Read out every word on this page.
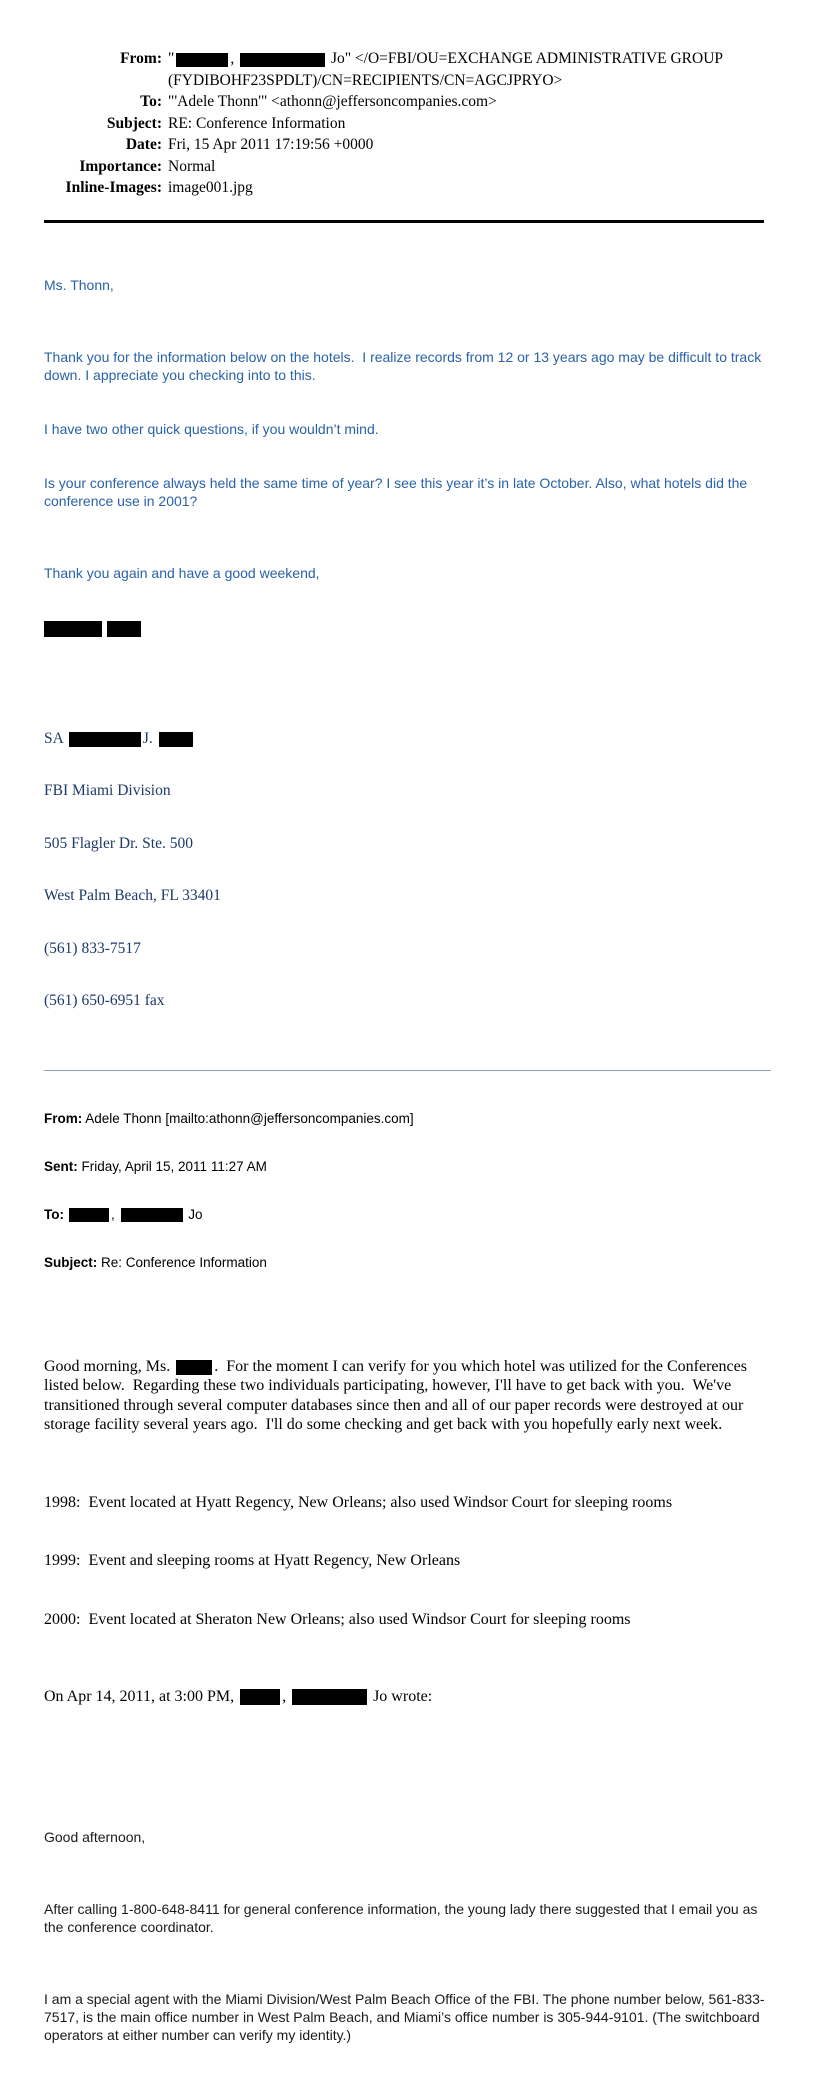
From: "	,	Jo" </O=FBI/OU=EXCHANGE ADMINISTRATIVE GROUP
(FYDIBOHF23SPDLT)/CN=RECIPIENTS/CN=AGCJPRYO>
To: "'Adele Thonn'" <athonn@jeffersoncompanies.com>
Subject: RE: Conference Information
Date: Fri, 15 Apr 2011 17:19:56 +0000
Importance: Normal
Inline-Images: image001.jpg

Ms. Thonn,

Thank you for the information below on the hotels.  I realize records from 12 or 13 years ago may be difficult to track down. I appreciate you checking into to this.

I have two other quick questions, if you wouldn’t mind.

Is your conference always held the same time of year? I see this year it’s in late October. Also, what hotels did the conference use in 2001?

Thank you again and have a good weekend,

SA	J.

FBI Miami Division

505 Flagler Dr. Ste. 500

West Palm Beach, FL 33401

(561) 833-7517

(561) 650-6951 fax

From: Adele Thonn [mailto:athonn@jeffersoncompanies.com]

Sent: Friday, April 15, 2011 11:27 AM

To:	,	Jo

Subject: Re: Conference Information

Good morning, Ms.	.  For the moment I can verify for you which hotel was utilized for the Conferences listed below.  Regarding these two individuals participating, however, I'll have to get back with you.  We've transitioned through several computer databases since then and all of our paper records were destroyed at our storage facility several years ago.  I'll do some checking and get back with you hopefully early next week.

1998:  Event located at Hyatt Regency, New Orleans; also used Windsor Court for sleeping rooms

1999:  Event and sleeping rooms at Hyatt Regency, New Orleans

2000:  Event located at Sheraton New Orleans; also used Windsor Court for sleeping rooms

On Apr 14, 2011, at 3:00 PM,	,	Jo wrote:

Good afternoon,

After calling 1-800-648-8411 for general conference information, the young lady there suggested that I email you as the conference coordinator.

I am a special agent with the Miami Division/West Palm Beach Office of the FBI. The phone number below, 561-833-7517, is the main office number in West Palm Beach, and Miami’s office number is 305-944-9101. (The switchboard operators at either number can verify my identity.)
